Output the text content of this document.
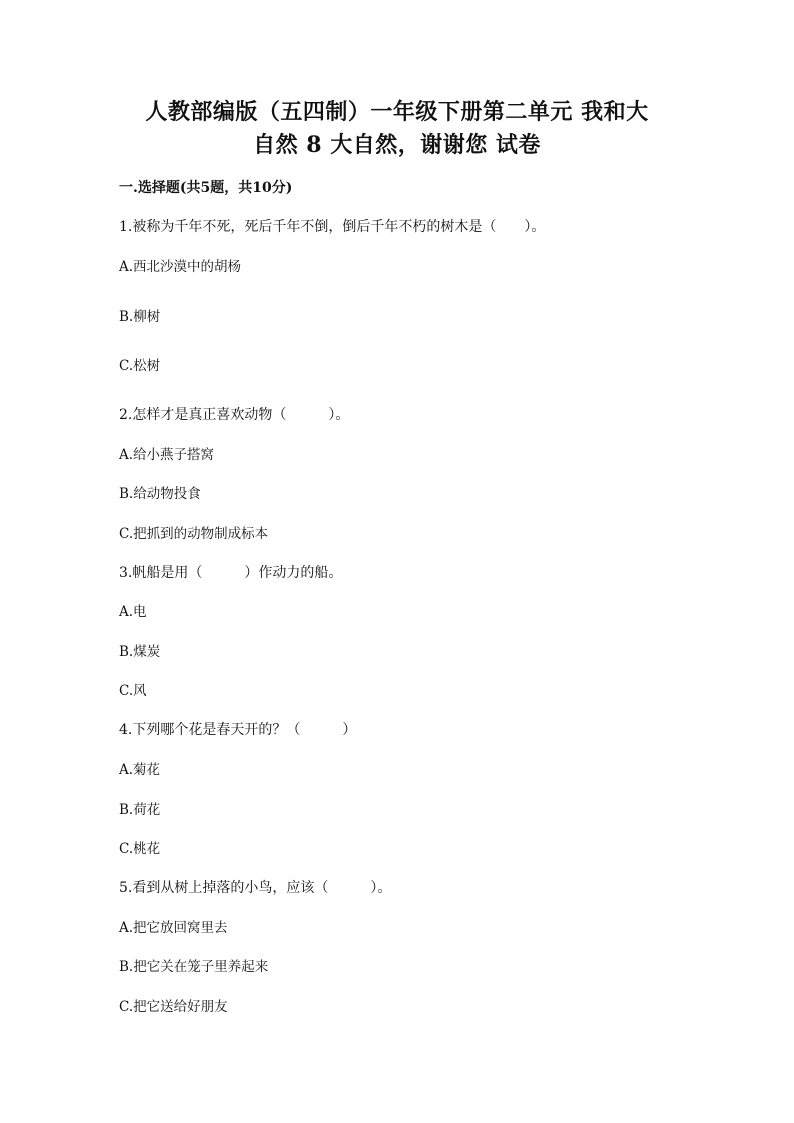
人教部编版（五四制）一年级下册第二单元 我和大
自然 8 大自然，谢谢您 试卷
一.选择题(共5题，共10分)
1.被称为千年不死，死后千年不倒，倒后千年不朽的树木是（　　）。
A.西北沙漠中的胡杨
B.柳树
C.松树
2.怎样才是真正喜欢动物（　　　）。
A.给小燕子搭窝
B.给动物投食
C.把抓到的动物制成标本
3.帆船是用（　　　）作动力的船。
A.电
B.煤炭
C.风
4.下列哪个花是春天开的？（　　　）
A.菊花
B.荷花
C.桃花
5.看到从树上掉落的小鸟，应该（　　　）。
A.把它放回窝里去
B.把它关在笼子里养起来
C.把它送给好朋友
